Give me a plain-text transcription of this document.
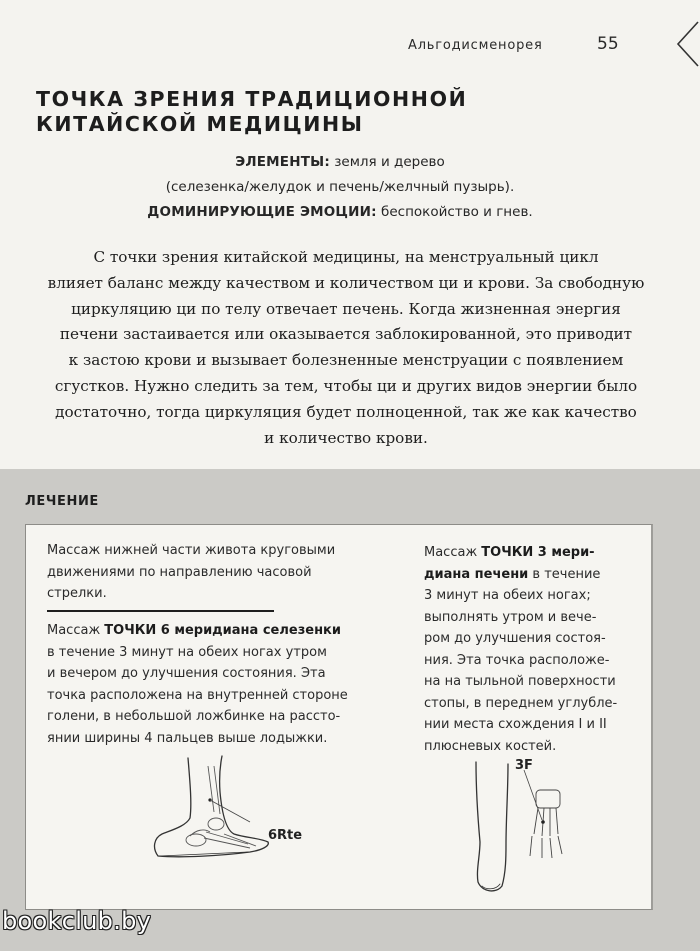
Альгодисменорея	55
ТОЧКА ЗРЕНИЯ ТРАДИЦИОННОЙ
КИТАЙСКОЙ МЕДИЦИНЫ
ЭЛЕМЕНТЫ: земля и дерево
(селезенка/желудок и печень/желчный пузырь).
ДОМИНИРУЮЩИЕ ЭМОЦИИ: беспокойство и гнев.
С точки зрения китайской медицины, на менструальный цикл
влияет баланс между качеством и количеством ци и крови. За свободную
циркуляцию ци по телу отвечает печень. Когда жизненная энергия
печени застаивается или оказывается заблокированной, это приводит
к застою крови и вызывает болезненные менструации с появлением
сгустков. Нужно следить за тем, чтобы ци и других видов энергии было
достаточно, тогда циркуляция будет полноценной, так же как качество
и количество крови.
ЛЕЧЕНИЕ
Массаж нижней части живота круговыми
движениями по направлению часовой
стрелки.
Массаж ТОЧКИ 6 меридиана селезенки
в течение 3 минут на обеих ногах утром
и вечером до улучшения состояния. Эта
точка расположена на внутренней стороне
голени, в небольшой ложбинке на рассто-
янии ширины 4 пальцев выше лодыжки.
Массаж ТОЧКИ 3 мери-
диана печени в течение
3 минут на обеих ногах;
выполнять утром и вече-
ром до улучшения состоя-
ния. Эта точка расположе-
на на тыльной поверхности
стопы, в переднем углубле-
нии места схождения I и II
плюсневых костей.
6Rte
3F
bookclub.by
